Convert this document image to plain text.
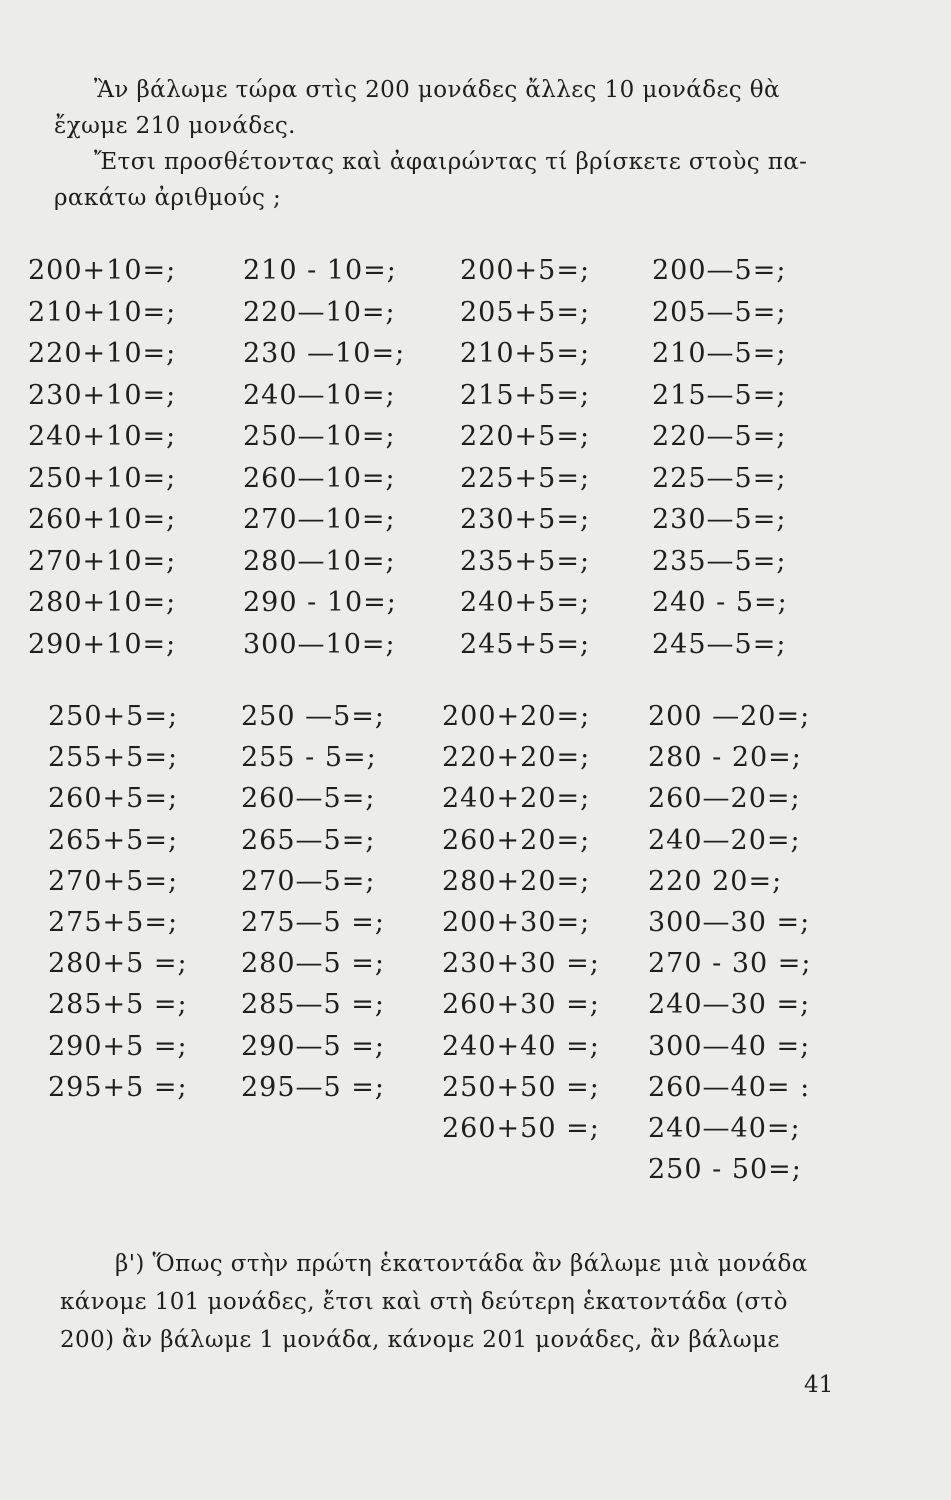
Ἂν βάλωμε τώρα στὶς 200 μονάδες ἄλλες 10 μονάδες θὰ

ἔχωμε 210 μονάδες.

Ἔτσι προσθέτοντας καὶ ἀφαιρώντας τί βρίσκετε στοὺς πα-

ρακάτω ἀριθμούς ;

200+10=; 210 - 10=; 200+5=; 200—5=;
210+10=; 220—10=; 205+5=; 205—5=;
220+10=; 230 —10=; 210+5=; 210—5=;
230+10=; 240—10=; 215+5=; 215—5=;
240+10=; 250—10=; 220+5=; 220—5=;
250+10=; 260—10=; 225+5=; 225—5=;
260+10=; 270—10=; 230+5=; 230—5=;
270+10=; 280—10=; 235+5=; 235—5=;
280+10=; 290 - 10=; 240+5=; 240 - 5=;
290+10=; 300—10=; 245+5=; 245—5=;
250+5=; 250 —5=; 200+20=; 200 —20=;
255+5=; 255 - 5=; 220+20=; 280 - 20=;
260+5=; 260—5=; 240+20=; 260—20=;
265+5=; 265—5=; 260+20=; 240—20=;
270+5=; 270—5=; 280+20=; 220 20=;
275+5=; 275—5 =; 200+30=; 300—30 =;
280+5 =; 280—5 =; 230+30 =; 270 - 30 =;
285+5 =; 285—5 =; 260+30 =; 240—30 =;
290+5 =; 290—5 =; 240+40 =; 300—40 =;
295+5 =; 295—5 =; 250+50 =; 260—40= :
260+50 =; 240—40=;
250 - 50=;

β') Ὅπως στὴν πρώτη ἑκατοντάδα ἂν βάλωμε μιὰ μονάδα

κάνομε 101 μονάδες, ἔτσι καὶ στὴ δεύτερη ἑκατοντάδα (στὸ

200) ἂν βάλωμε 1 μονάδα, κάνομε 201 μονάδες, ἂν βάλωμε

41
